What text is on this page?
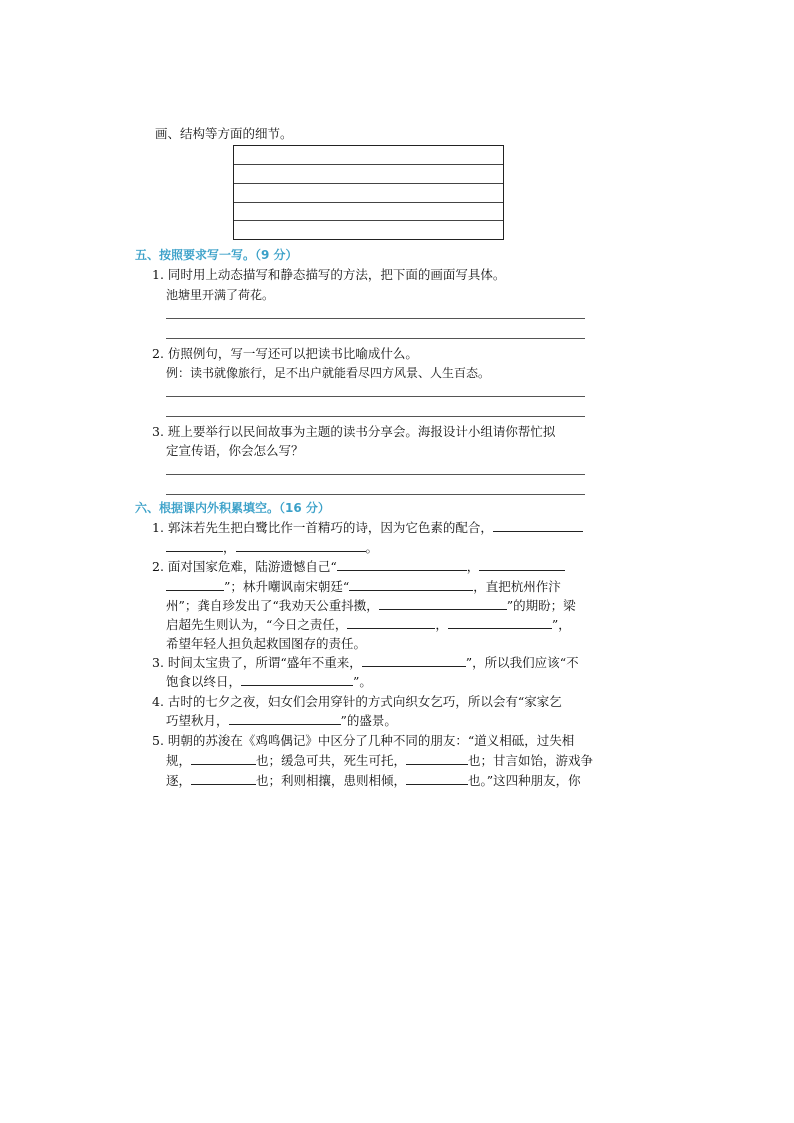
画、结构等方面的细节。
五、按照要求写一写。（9 分）
1. 同时用上动态描写和静态描写的方法，把下面的画面写具体。
池塘里开满了荷花。
2. 仿照例句，写一写还可以把读书比喻成什么。
例：读书就像旅行，足不出户就能看尽四方风景、人生百态。
3. 班上要举行以民间故事为主题的读书分享会。海报设计小组请你帮忙拟
定宣传语，你会怎么写？
六、根据课内外积累填空。（16 分）
1. 郭沫若先生把白鹭比作一首精巧的诗，因为它色素的配合，
，	。
2. 面对国家危难，陆游遗憾自己“	，
”；林升嘲讽南宋朝廷“	，直把杭州作汴
州”；龚自珍发出了“我劝天公重抖擞，	”的期盼；梁
启超先生则认为，“今日之责任，	，	”，
希望年轻人担负起救国图存的责任。
3. 时间太宝贵了，所谓“盛年不重来，	”，所以我们应该“不
饱食以终日，	”。
4. 古时的七夕之夜，妇女们会用穿针的方式向织女乞巧，所以会有“家家乞
巧望秋月，	”的盛景。
5. 明朝的苏浚在《鸡鸣偶记》中区分了几种不同的朋友：“道义相砥，过失相
规，	也；缓急可共，死生可托，	也；甘言如饴，游戏争
逐，	也；利则相攘，患则相倾，	也。”这四种朋友，你
